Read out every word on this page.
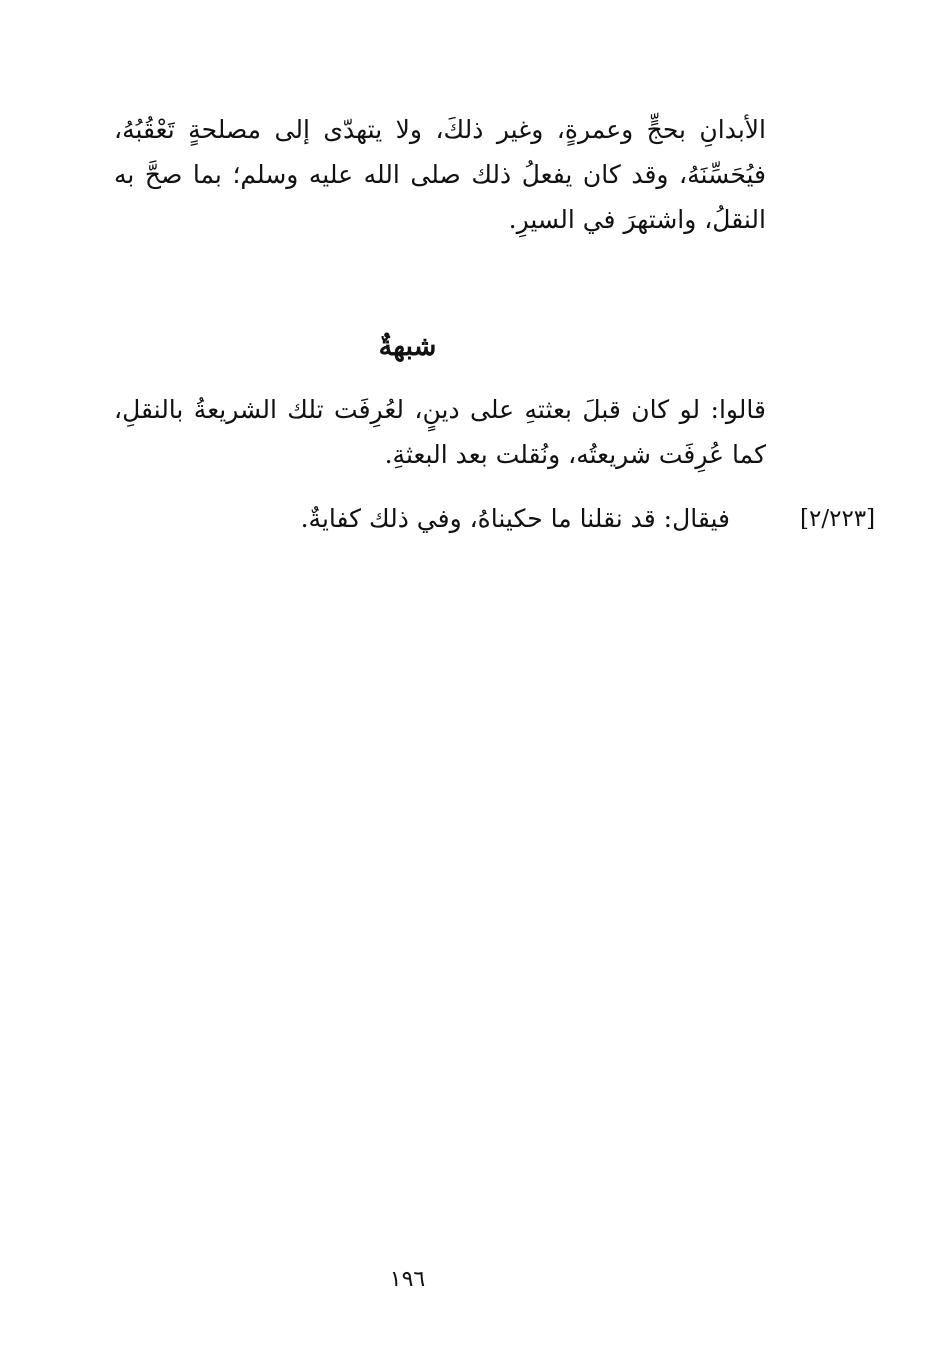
الأبدانِ بحجٍّ وعمرةٍ، وغير ذلكَ، ولا يتهدّى إلى مصلحةٍ تَعْقُبُهُ،
فيُحَسِّنَهُ، وقد كان يفعلُ ذلك صلى الله عليه وسلم؛ بما صحَّ به
النقلُ، واشتهرَ في السيرِ.
شبهةٌ
قالوا: لو كان قبلَ بعثتهِ على دينٍ، لعُرِفَت تلك الشريعةُ بالنقلِ،
كما عُرِفَت شريعتُه، ونُقلت بعد البعثةِ.
فيقال: قد نقلنا ما حكيناهُ، وفي ذلك كفايةٌ.	[٢/٢٢٣]
١٩٦
